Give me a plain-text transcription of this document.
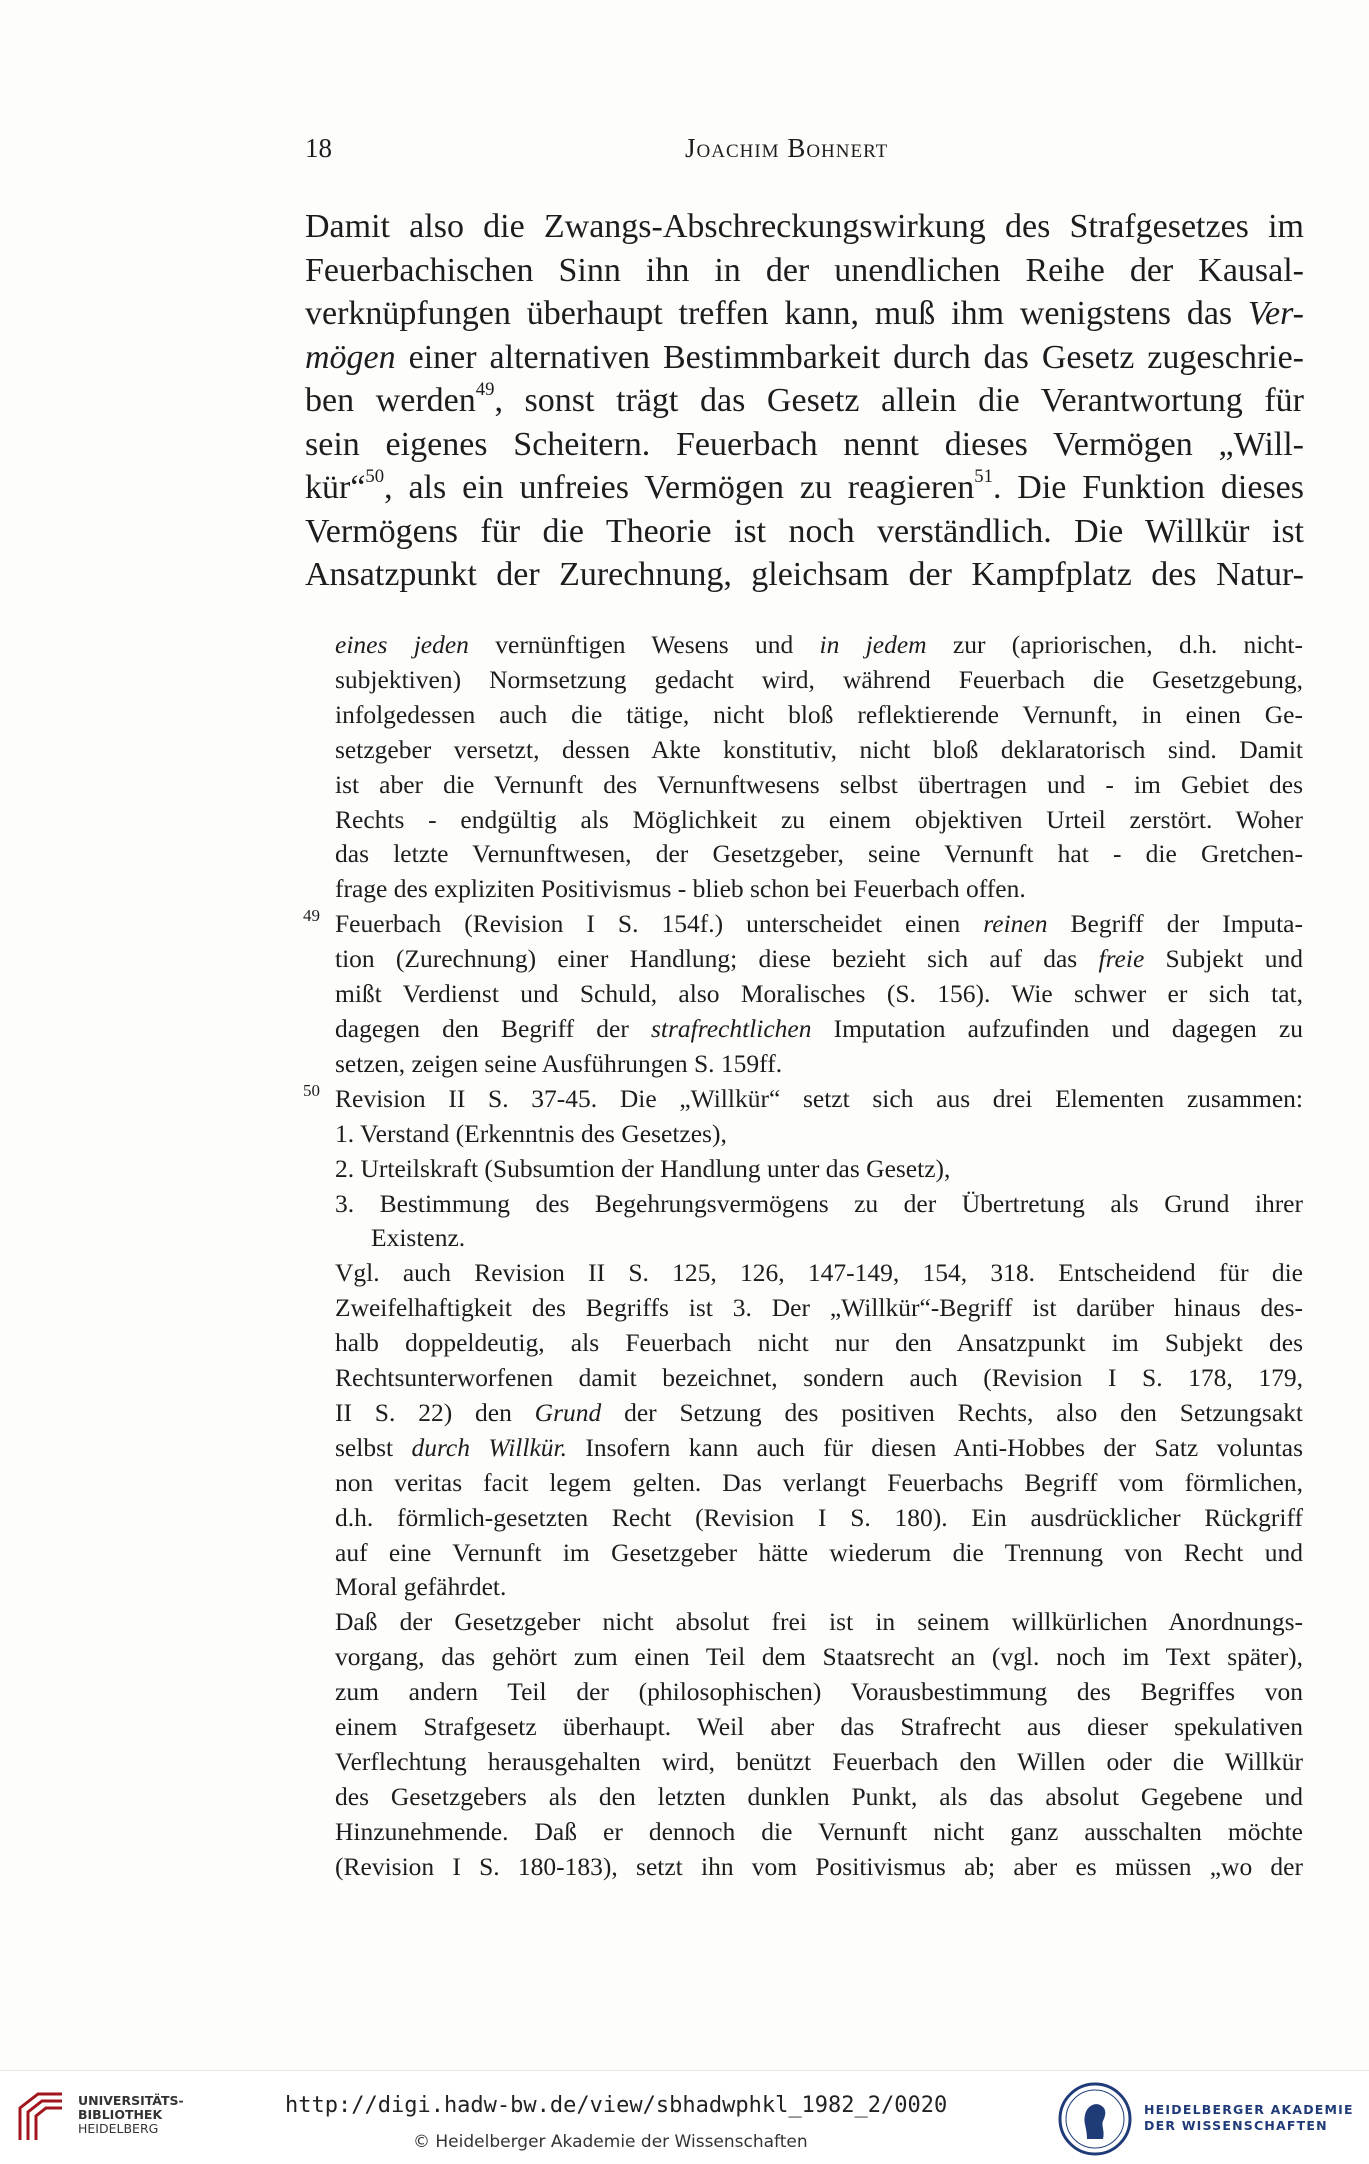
18	Joachim Bohnert
Damit also die Zwangs-Abschreckungswirkung des Strafgesetzes im
Feuerbachischen Sinn ihn in der unendlichen Reihe der Kausal-
verknüpfungen überhaupt treffen kann, muß ihm wenigstens das Ver-
mögen einer alternativen Bestimmbarkeit durch das Gesetz zugeschrie-
ben werden$^{49}$, sonst trägt das Gesetz allein die Verantwortung für
sein eigenes Scheitern. Feuerbach nennt dieses Vermögen „Will-
kür“$^{50}$, als ein unfreies Vermögen zu reagieren$^{51}$. Die Funktion dieses
Vermögens für die Theorie ist noch verständlich. Die Willkür ist
Ansatzpunkt der Zurechnung, gleichsam der Kampfplatz des Natur-
eines jeden vernünftigen Wesens und in jedem zur (apriorischen, d.h. nicht-
subjektiven) Normsetzung gedacht wird, während Feuerbach die Gesetzgebung,
infolgedessen auch die tätige, nicht bloß reflektierende Vernunft, in einen Ge-
setzgeber versetzt, dessen Akte konstitutiv, nicht bloß deklaratorisch sind. Damit
ist aber die Vernunft des Vernunftwesens selbst übertragen und - im Gebiet des
Rechts - endgültig als Möglichkeit zu einem objektiven Urteil zerstört. Woher
das letzte Vernunftwesen, der Gesetzgeber, seine Vernunft hat - die Gretchen-
frage des expliziten Positivismus - blieb schon bei Feuerbach offen.
49 Feuerbach (Revision I S. 154f.) unterscheidet einen reinen Begriff der Imputa-
tion (Zurechnung) einer Handlung; diese bezieht sich auf das freie Subjekt und
mißt Verdienst und Schuld, also Moralisches (S. 156). Wie schwer er sich tat,
dagegen den Begriff der strafrechtlichen Imputation aufzufinden und dagegen zu
setzen, zeigen seine Ausführungen S. 159ff.
50 Revision II S. 37-45. Die „Willkür“ setzt sich aus drei Elementen zusammen:
1. Verstand (Erkenntnis des Gesetzes),
2. Urteilskraft (Subsumtion der Handlung unter das Gesetz),
3. Bestimmung des Begehrungsvermögens zu der Übertretung als Grund ihrer
Existenz.
Vgl. auch Revision II S. 125, 126, 147-149, 154, 318. Entscheidend für die
Zweifelhaftigkeit des Begriffs ist 3. Der „Willkür“-Begriff ist darüber hinaus des-
halb doppeldeutig, als Feuerbach nicht nur den Ansatzpunkt im Subjekt des
Rechtsunterworfenen damit bezeichnet, sondern auch (Revision I S. 178, 179,
II S. 22) den Grund der Setzung des positiven Rechts, also den Setzungsakt
selbst durch Willkür. Insofern kann auch für diesen Anti-Hobbes der Satz voluntas
non veritas facit legem gelten. Das verlangt Feuerbachs Begriff vom förmlichen,
d.h. förmlich-gesetzten Recht (Revision I S. 180). Ein ausdrücklicher Rückgriff
auf eine Vernunft im Gesetzgeber hätte wiederum die Trennung von Recht und
Moral gefährdet.
Daß der Gesetzgeber nicht absolut frei ist in seinem willkürlichen Anordnungs-
vorgang, das gehört zum einen Teil dem Staatsrecht an (vgl. noch im Text später),
zum andern Teil der (philosophischen) Vorausbestimmung des Begriffes von
einem Strafgesetz überhaupt. Weil aber das Strafrecht aus dieser spekulativen
Verflechtung herausgehalten wird, benützt Feuerbach den Willen oder die Willkür
des Gesetzgebers als den letzten dunklen Punkt, als das absolut Gegebene und
Hinzunehmende. Daß er dennoch die Vernunft nicht ganz ausschalten möchte
(Revision I S. 180-183), setzt ihn vom Positivismus ab; aber es müssen „wo der
UNIVERSITÄTS-
BIBLIOTHEK
HEIDELBERG
http://digi.hadw-bw.de/view/sbhadwphkl_1982_2/0020
© Heidelberger Akademie der Wissenschaften
HEIDELBERGER AKADEMIE
DER WISSENSCHAFTEN
